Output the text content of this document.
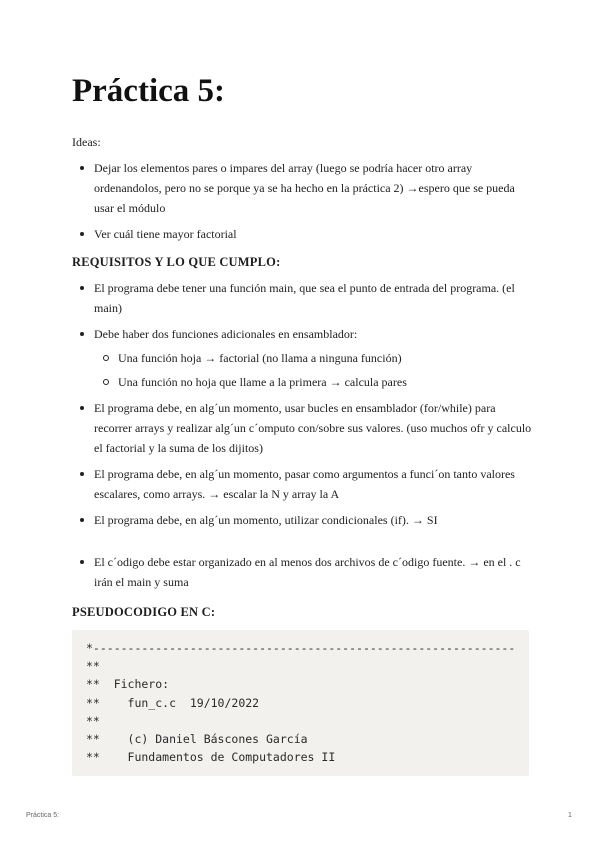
Práctica 5:

Ideas:

Dejar los elementos pares o impares del array (luego se podría hacer otro array ordenandolos, pero no se porque ya se ha hecho en la práctica 2) →espero que se pueda usar el módulo
Ver cuál tiene mayor factorial

REQUISITOS Y LO QUE CUMPLO:

El programa debe tener una función main, que sea el punto de entrada del programa. (el main)
Debe haber dos funciones adicionales en ensamblador:
Una función hoja → factorial (no llama a ninguna función)
Una función no hoja que llame a la primera → calcula pares
El programa debe, en alg´un momento, usar bucles en ensamblador (for/while) para recorrer arrays y realizar alg´un c´omputo con/sobre sus valores. (uso muchos ofr y calculo el factorial y la suma de los dijitos)
El programa debe, en alg´un momento, pasar como argumentos a funci´on tanto valores escalares, como arrays. → escalar la N y array la A
El programa debe, en alg´un momento, utilizar condicionales (if). → SI
El c´odigo debe estar organizado en al menos dos archivos de c´odigo fuente. → en el . c irán el main y suma

PSEUDOCODIGO EN C:

*-------------------------------------------------------------
**
**  Fichero:
**    fun_c.c  19/10/2022
**
**    (c) Daniel Báscones García
**    Fundamentos de Computadores II
Práctica 5:	1
